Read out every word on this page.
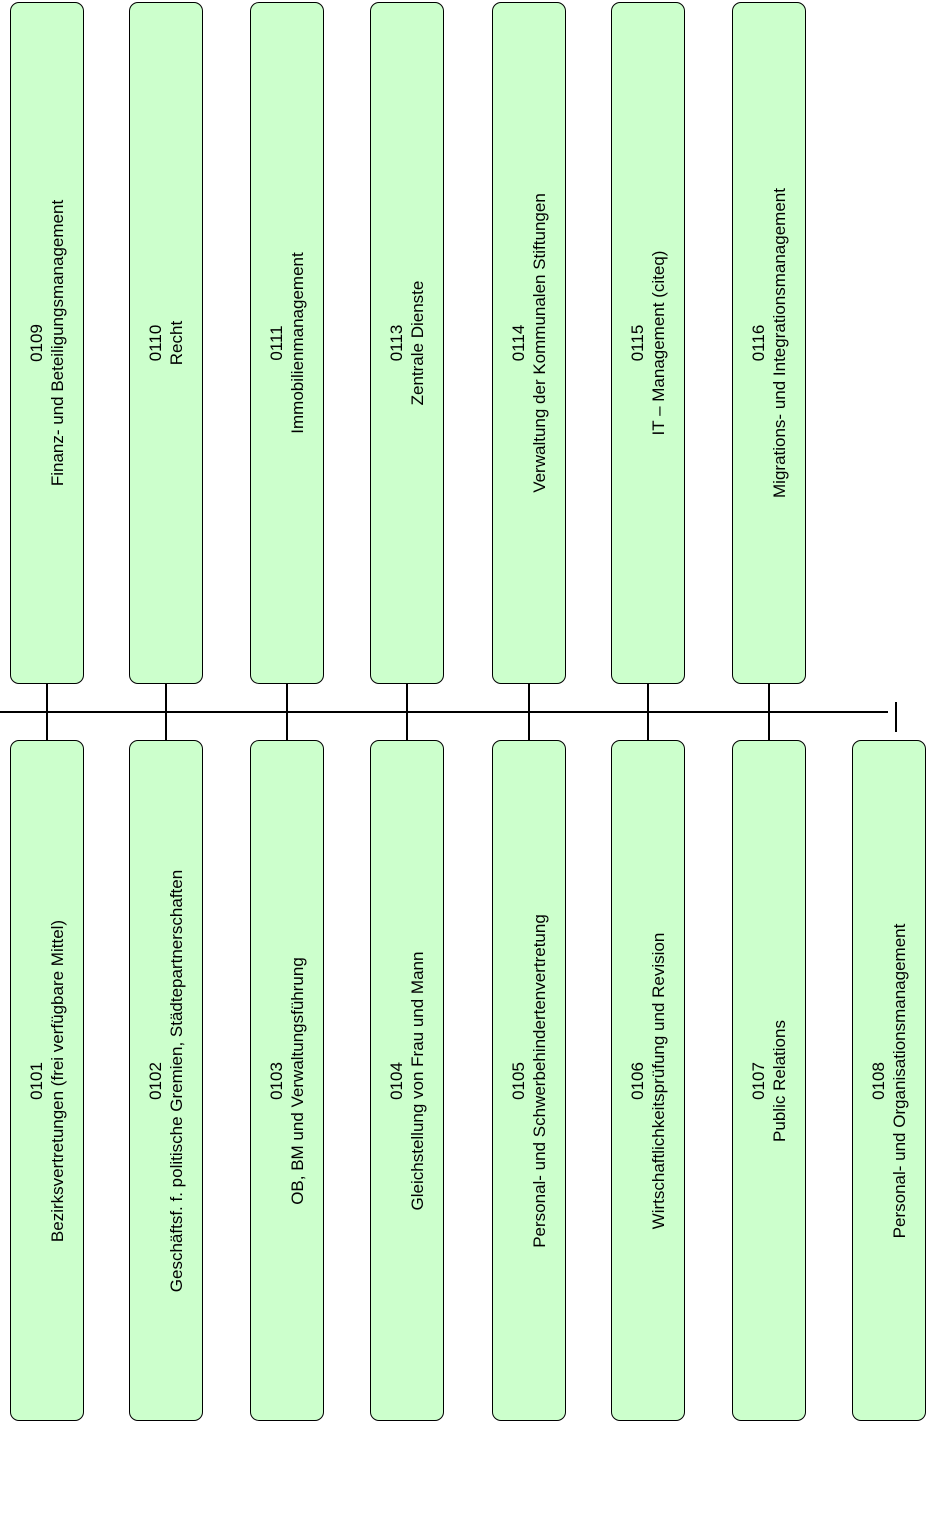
0109 Finanz- und Beteiligungsmanagement	0110 Recht	0111 Immobilienmanagement	0113 Zentrale Dienste	0114 Verwaltung der Kommunalen Stiftungen	0115 IT – Management (citeq)	0116 Migrations- und Integrationsmanagement
0101 Bezirksvertretungen (frei verfügbare Mittel)	0102 Geschäftsf. f. politische Gremien, Städtepartnerschaften	0103 OB, BM und Verwaltungsführung	0104 Gleichstellung von Frau und Mann	0105 Personal- und Schwerbehindertenvertretung	0106 Wirtschaftlichkeitsprüfung und Revision	0107 Public Relations	0108 Personal- und Organisationsmanagement
